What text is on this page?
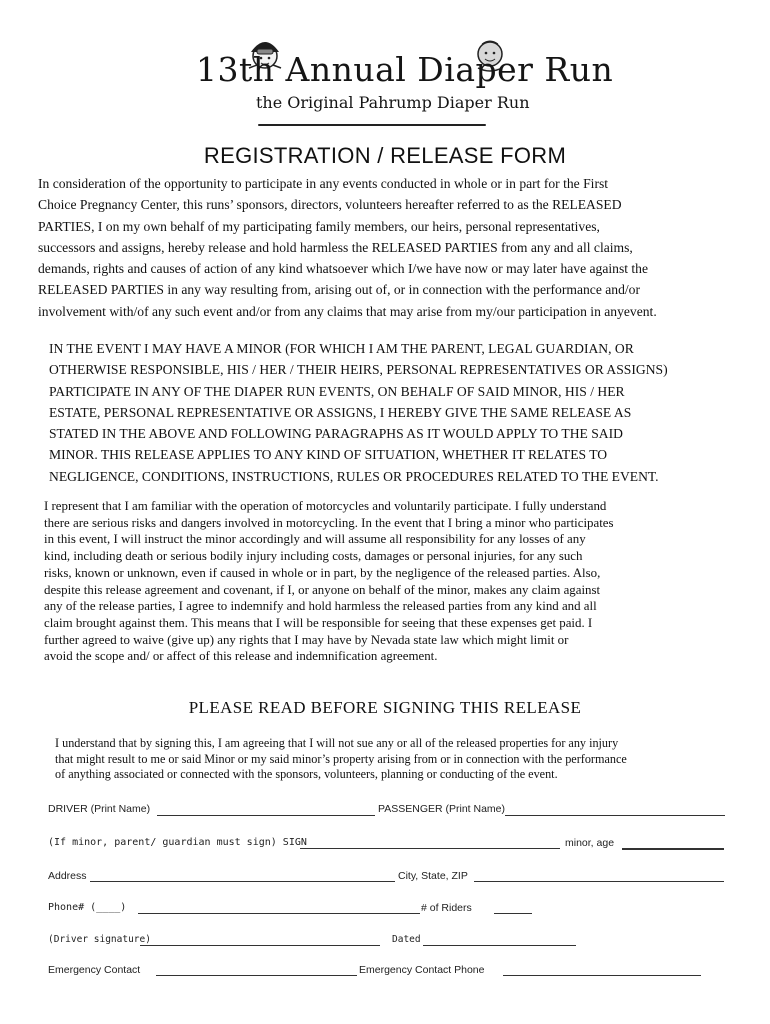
13th Annual Diaper Run
the Original Pahrump Diaper Run
REGISTRATION / RELEASE FORM

In consideration of the opportunity to participate in any events conducted in whole or in part for the First
Choice Pregnancy Center, this runs’ sponsors, directors, volunteers hereafter referred to as the RELEASED
PARTIES, I on my own behalf of my participating family members, our heirs, personal representatives,
successors and assigns, hereby release and hold harmless the RELEASED PARTIES from any and all claims,
demands, rights and causes of action of any kind whatsoever which I/we have now or may later have against the
RELEASED PARTIES in any way resulting from, arising out of, or in connection with the performance and/or
involvement with/of any such event and/or from any claims that may arise from my/our participation in anyevent.

IN THE EVENT I MAY HAVE A MINOR (FOR WHICH I AM THE PARENT, LEGAL GUARDIAN, OR
OTHERWISE RESPONSIBLE, HIS / HER / THEIR HEIRS, PERSONAL REPRESENTATIVES OR ASSIGNS)
PARTICIPATE IN ANY OF THE DIAPER RUN EVENTS, ON BEHALF OF SAID MINOR, HIS / HER
ESTATE, PERSONAL REPRESENTATIVE OR ASSIGNS, I HEREBY GIVE THE SAME RELEASE AS
STATED IN THE ABOVE AND FOLLOWING PARAGRAPHS AS IT WOULD APPLY TO THE SAID
MINOR. THIS RELEASE APPLIES TO ANY KIND OF SITUATION, WHETHER IT RELATES TO
NEGLIGENCE, CONDITIONS, INSTRUCTIONS, RULES OR PROCEDURES RELATED TO THE EVENT.

I represent that I am familiar with the operation of motorcycles and voluntarily participate. I fully understand
there are serious risks and dangers involved in motorcycling. In the event that I bring a minor who participates
in this event, I will instruct the minor accordingly and will assume all responsibility for any losses of any
kind, including death or serious bodily injury including costs, damages or personal injuries, for any such
risks, known or unknown, even if caused in whole or in part, by the negligence of the released parties. Also,
despite this release agreement and covenant, if I, or anyone on behalf of the minor, makes any claim against
any of the release parties, I agree to indemnify and hold harmless the released parties from any kind and all
claim brought against them. This means that I will be responsible for seeing that these expenses get paid. I
further agreed to waive (give up) any rights that I may have by Nevada state law which might limit or
avoid the scope and/ or affect of this release and indemnification agreement.

PLEASE READ BEFORE SIGNING THIS RELEASE

I understand that by signing this, I am agreeing that I will not sue any or all of the released properties for any injury
that might result to me or said Minor or my said minor’s property arising from or in connection with the performance
of anything associated or connected with the sponsors, volunteers, planning or conducting of the event.

DRIVER (Print Name)	PASSENGER (Print Name)
(If minor, parent/ guardian must sign) SIGN	minor, age
Address	City, State, ZIP
Phone# (____)	# of Riders
(Driver signature)	Dated
Emergency Contact	Emergency Contact Phone
